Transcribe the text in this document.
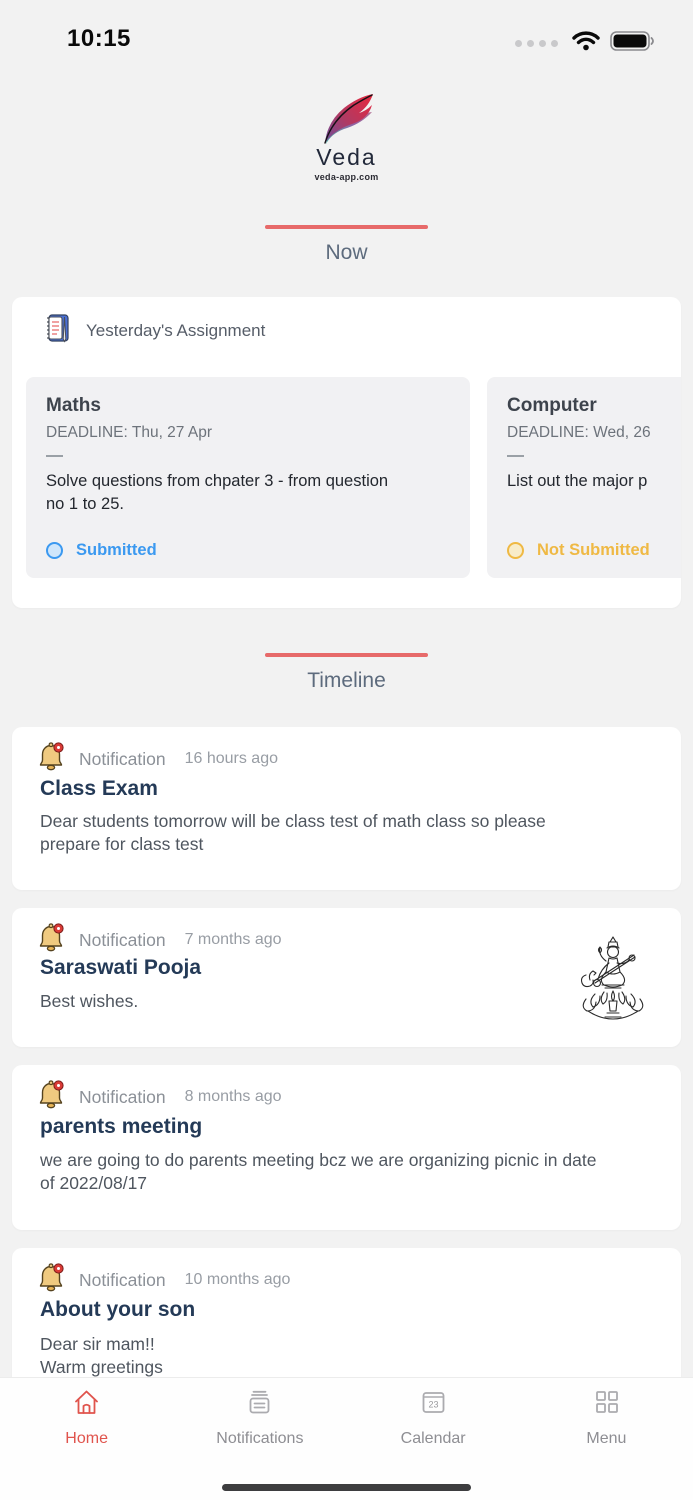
10:15
Veda
veda-app.com
Now
Yesterday's Assignment
Maths
DEADLINE: Thu, 27 Apr
Solve questions from chpater 3 - from question no 1 to 25.
Submitted
Computer
DEADLINE: Wed, 26
List out the major p
Not Submitted
Timeline
Notification 16 hours ago
Class Exam
Dear students tomorrow will be class test of math class so please prepare for class test
Notification 7 months ago
Saraswati Pooja
Best wishes.
Notification 8 months ago
parents meeting
we are going to do parents meeting bcz we are organizing picnic in date of 2022/08/17
Notification 10 months ago
About your son
Dear sir mam!!
Warm greetings
Home	Notifications
23
Calendar	Menu
